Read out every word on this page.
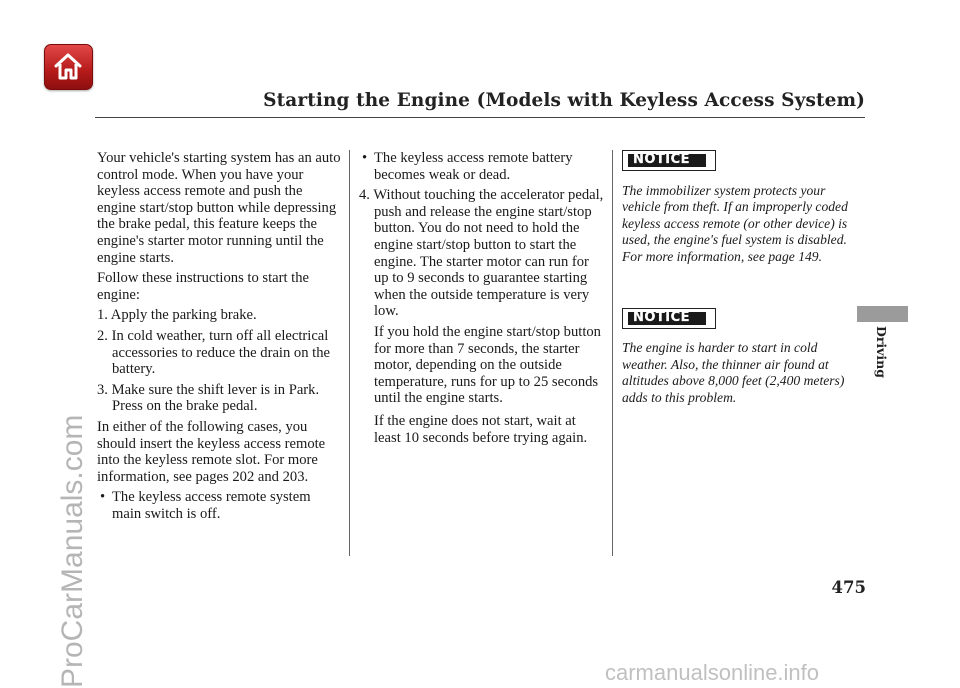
Starting the Engine (Models with Keyless Access System)

Your vehicle's starting system has an auto control mode. When you have your keyless access remote and push the engine start/stop button while depressing the brake pedal, this feature keeps the engine's starter motor running until the engine starts.

Follow these instructions to start the engine:

1. Apply the parking brake.
2. In cold weather, turn off all electrical accessories to reduce the drain on the battery.
3. Make sure the shift lever is in Park. Press on the brake pedal.

In either of the following cases, you should insert the keyless access remote into the keyless remote slot. For more information, see pages 202 and 203.

• The keyless access remote system main switch is off.
• The keyless access remote battery becomes weak or dead.
4. Without touching the accelerator pedal, push and release the engine start/stop button. You do not need to hold the engine start/stop button to start the engine. The starter motor can run for up to 9 seconds to guarantee starting when the outside temperature is very low.

If you hold the engine start/stop button for more than 7 seconds, the starter motor, depending on the outside temperature, runs for up to 25 seconds until the engine starts.

If the engine does not start, wait at least 10 seconds before trying again.

NOTICE

The immobilizer system protects your vehicle from theft. If an improperly coded keyless access remote (or other device) is used, the engine's fuel system is disabled. For more information, see page 149.

NOTICE

The engine is harder to start in cold weather. Also, the thinner air found at altitudes above 8,000 feet (2,400 meters) adds to this problem.

Driving
475
ProCarManuals.com	carmanualsonline.info
